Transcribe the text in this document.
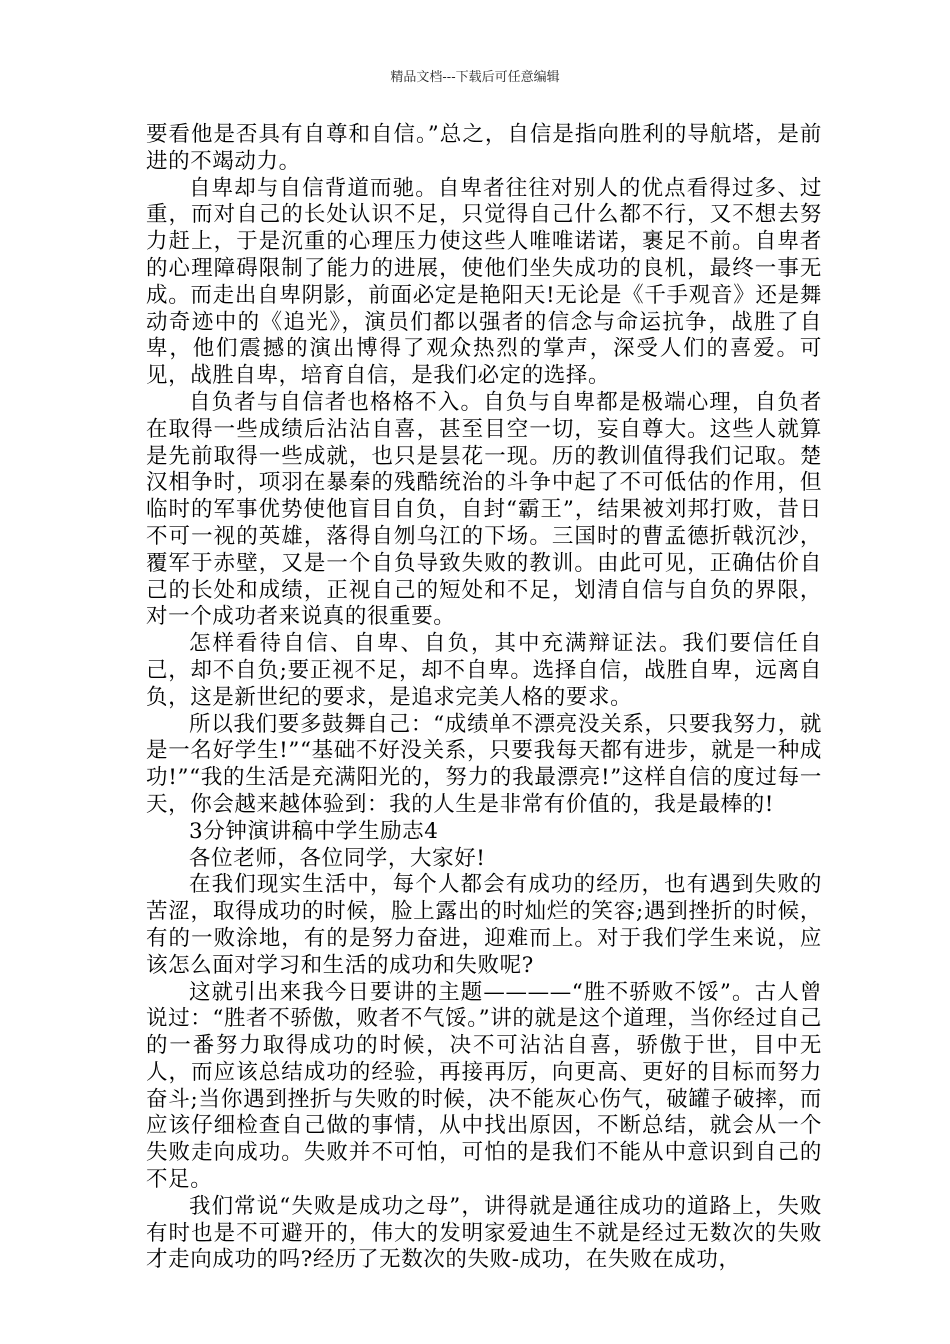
精品文档---下载后可任意编辑

要看他是否具有自尊和自信。”总之，自信是指向胜利的导航塔，是前进的不竭动力。

自卑却与自信背道而驰。自卑者往往对别人的优点看得过多、过重，而对自己的长处认识不足，只觉得自己什么都不行，又不想去努力赶上，于是沉重的心理压力使这些人唯唯诺诺，裹足不前。自卑者的心理障碍限制了能力的进展，使他们坐失成功的良机，最终一事无成。而走出自卑阴影，前面必定是艳阳天!无论是《千手观音》还是舞动奇迹中的《追光》，演员们都以强者的信念与命运抗争，战胜了自卑，他们震撼的演出博得了观众热烈的掌声，深受人们的喜爱。可见，战胜自卑，培育自信，是我们必定的选择。

自负者与自信者也格格不入。自负与自卑都是极端心理，自负者在取得一些成绩后沾沾自喜，甚至目空一切，妄自尊大。这些人就算是先前取得一些成就，也只是昙花一现。历的教训值得我们记取。楚汉相争时，项羽在暴秦的残酷统治的斗争中起了不可低估的作用，但临时的军事优势使他盲目自负，自封“霸王”，结果被刘邦打败，昔日不可一视的英雄，落得自刎乌江的下场。三国时的曹孟德折戟沉沙，覆军于赤壁，又是一个自负导致失败的教训。由此可见，正确估价自己的长处和成绩，正视自己的短处和不足，划清自信与自负的界限，对一个成功者来说真的很重要。

怎样看待自信、自卑、自负，其中充满辩证法。我们要信任自己，却不自负;要正视不足，却不自卑。选择自信，战胜自卑，远离自负，这是新世纪的要求，是追求完美人格的要求。

所以我们要多鼓舞自己：“成绩单不漂亮没关系，只要我努力，就是一名好学生!”“基础不好没关系，只要我每天都有进步，就是一种成功!”“我的生活是充满阳光的，努力的我最漂亮!”这样自信的度过每一天，你会越来越体验到：我的人生是非常有价值的，我是最棒的!

3分钟演讲稿中学生励志4

各位老师，各位同学，大家好!

在我们现实生活中，每个人都会有成功的经历，也有遇到失败的苦涩，取得成功的时候，脸上露出的时灿烂的笑容;遇到挫折的时候，有的一败涂地，有的是努力奋进，迎难而上。对于我们学生来说，应该怎么面对学习和生活的成功和失败呢?

这就引出来我今日要讲的主题————“胜不骄败不馁”。古人曾说过：“胜者不骄傲，败者不气馁。”讲的就是这个道理，当你经过自己的一番努力取得成功的时候，决不可沾沾自喜，骄傲于世，目中无人，而应该总结成功的经验，再接再厉，向更高、更好的目标而努力奋斗;当你遇到挫折与失败的时候，决不能灰心伤气，破罐子破摔，而应该仔细检查自己做的事情，从中找出原因，不断总结，就会从一个失败走向成功。失败并不可怕，可怕的是我们不能从中意识到自己的不足。

我们常说“失败是成功之母”，讲得就是通往成功的道路上，失败有时也是不可避开的，伟大的发明家爱迪生不就是经过无数次的失败才走向成功的吗?经历了无数次的失败-成功，在失败在成功，
